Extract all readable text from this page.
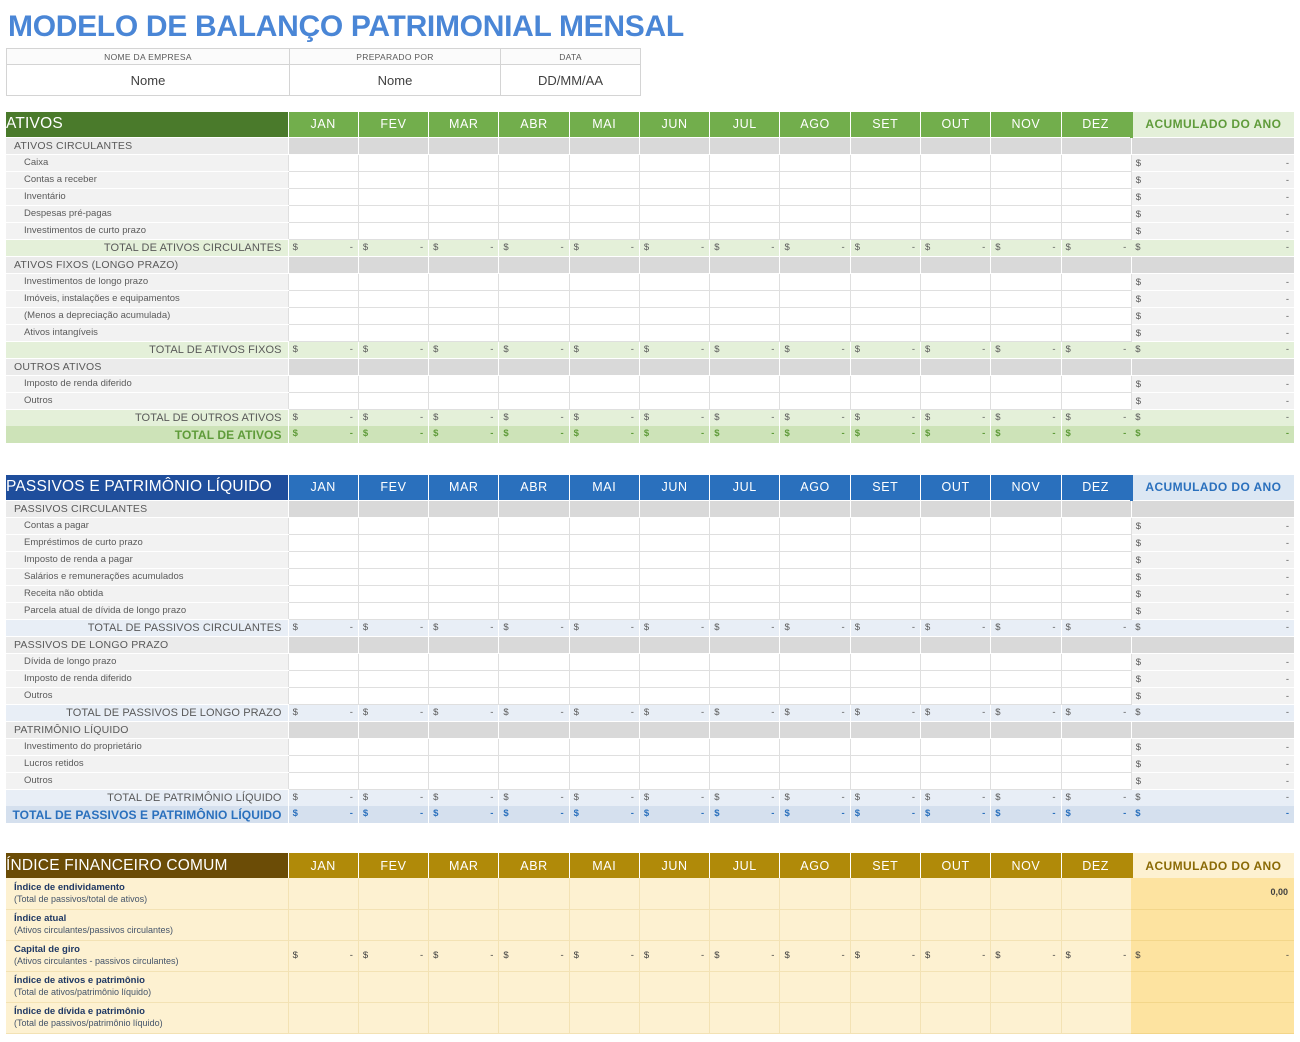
MODELO DE BALANÇO PATRIMONIAL MENSAL
NOME DA EMPRESA	PREPARADO POR	DATA
Nome	Nome	DD/MM/AA
ATIVOS	JAN	FEV	MAR	ABR	MAI	JUN	JUL	AGO	SET	OUT	NOV	DEZ	ACUMULADO DO ANO
ATIVOS CIRCULANTES													
Caixa													$ -

Contas a receber													$ -

Inventário													$ -

Despesas pré-pagas													$ -

Investimentos de curto prazo													$ -

TOTAL DE ATIVOS CIRCULANTES	$ -	$ -	$ -	$ -	$ -	$ -	$ -	$ -	$ -	$ -	$ -	$ -	$ -

ATIVOS FIXOS (LONGO PRAZO)													
Investimentos de longo prazo													$ -

Imóveis, instalações e equipamentos													$ -

(Menos a depreciação acumulada)													$ -

Ativos intangíveis													$ -

TOTAL DE ATIVOS FIXOS	$ -	$ -	$ -	$ -	$ -	$ -	$ -	$ -	$ -	$ -	$ -	$ -	$ -

OUTROS ATIVOS													
Imposto de renda diferido													$ -

Outros													$ -

TOTAL DE OUTROS ATIVOS	$ -	$ -	$ -	$ -	$ -	$ -	$ -	$ -	$ -	$ -	$ -	$ -	$ -

TOTAL DE ATIVOS	$ -	$ -	$ -	$ -	$ -	$ -	$ -	$ -	$ -	$ -	$ -	$ -	$ -
PASSIVOS E PATRIMÔNIO LÍQUIDO	JAN	FEV	MAR	ABR	MAI	JUN	JUL	AGO	SET	OUT	NOV	DEZ	ACUMULADO DO ANO
PASSIVOS CIRCULANTES													
Contas a pagar													$ -

Empréstimos de curto prazo													$ -

Imposto de renda a pagar													$ -

Salários e remunerações acumulados													$ -

Receita não obtida													$ -

Parcela atual de dívida de longo prazo													$ -

TOTAL DE PASSIVOS CIRCULANTES	$ -	$ -	$ -	$ -	$ -	$ -	$ -	$ -	$ -	$ -	$ -	$ -	$ -

PASSIVOS DE LONGO PRAZO													
Dívida de longo prazo													$ -

Imposto de renda diferido													$ -

Outros													$ -

TOTAL DE PASSIVOS DE LONGO PRAZO	$ -	$ -	$ -	$ -	$ -	$ -	$ -	$ -	$ -	$ -	$ -	$ -	$ -

PATRIMÔNIO LÍQUIDO													
Investimento do proprietário													$ -

Lucros retidos													$ -

Outros													$ -

TOTAL DE PATRIMÔNIO LÍQUIDO	$ -	$ -	$ -	$ -	$ -	$ -	$ -	$ -	$ -	$ -	$ -	$ -	$ -

TOTAL DE PASSIVOS E PATRIMÔNIO LÍQUIDO	$ -	$ -	$ -	$ -	$ -	$ -	$ -	$ -	$ -	$ -	$ -	$ -	$ -
ÍNDICE FINANCEIRO COMUM	JAN	FEV	MAR	ABR	MAI	JUN	JUL	AGO	SET	OUT	NOV	DEZ	ACUMULADO DO ANO

Índice de endividamento
(Total de passivos/total de ativos)													0,00

Índice atual
(Ativos circulantes/passivos circulantes)													

Capital de giro
(Ativos circulantes - passivos circulantes)	$ -	$ -	$ -	$ -	$ -	$ -	$ -	$ -	$ -	$ -	$ -	$ -	$ -

Índice de ativos e patrimônio
(Total de ativos/patrimônio líquido)													

Índice de dívida e patrimônio
(Total de passivos/patrimônio líquido)													
